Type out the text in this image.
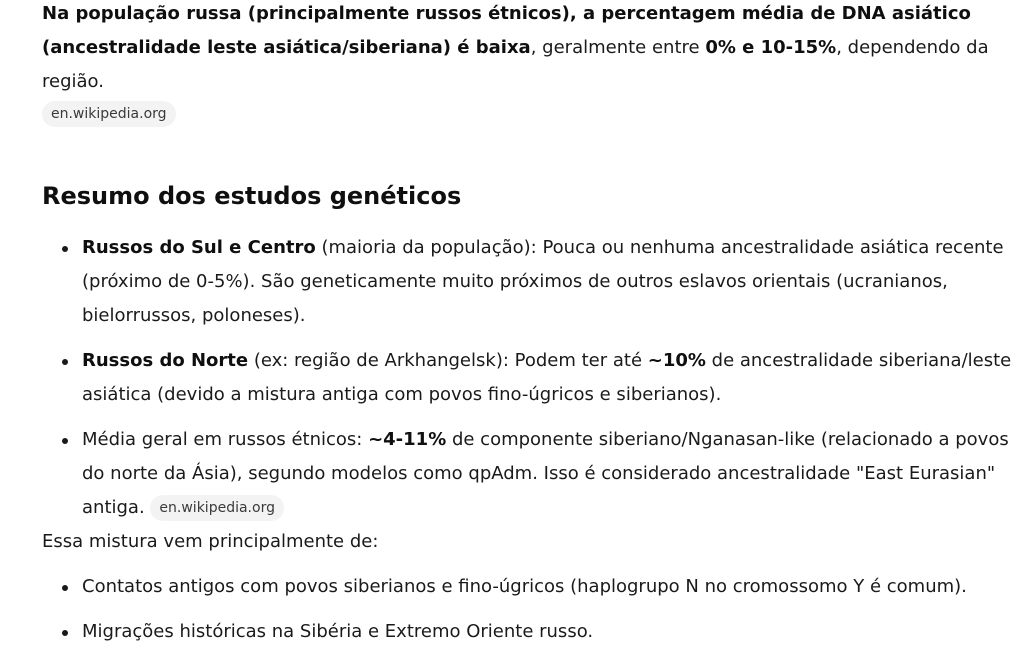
Na população russa (principalmente russos étnicos), a percentagem média de DNA asiático (ancestralidade leste asiática/siberiana) é baixa, geralmente entre 0% e 10-15%, dependendo da região.

en.wikipedia.org
Resumo dos estudos genéticos
Russos do Sul e Centro (maioria da população): Pouca ou nenhuma ancestralidade asiática recente (próximo de 0-5%). São geneticamente muito próximos de outros eslavos orientais (ucranianos, bielorrussos, poloneses).
Russos do Norte (ex: região de Arkhangelsk): Podem ter até ~10% de ancestralidade siberiana/leste asiática (devido a mistura antiga com povos fino-úgricos e siberianos).
Média geral em russos étnicos: ~4-11% de componente siberiano/Nganasan-like (relacionado a povos do norte da Ásia), segundo modelos como qpAdm. Isso é considerado ancestralidade "East Eurasian" antiga. en.wikipedia.org

Essa mistura vem principalmente de:

Contatos antigos com povos siberianos e fino-úgricos (haplogrupo N no cromossomo Y é comum).
Migrações históricas na Sibéria e Extremo Oriente russo.
